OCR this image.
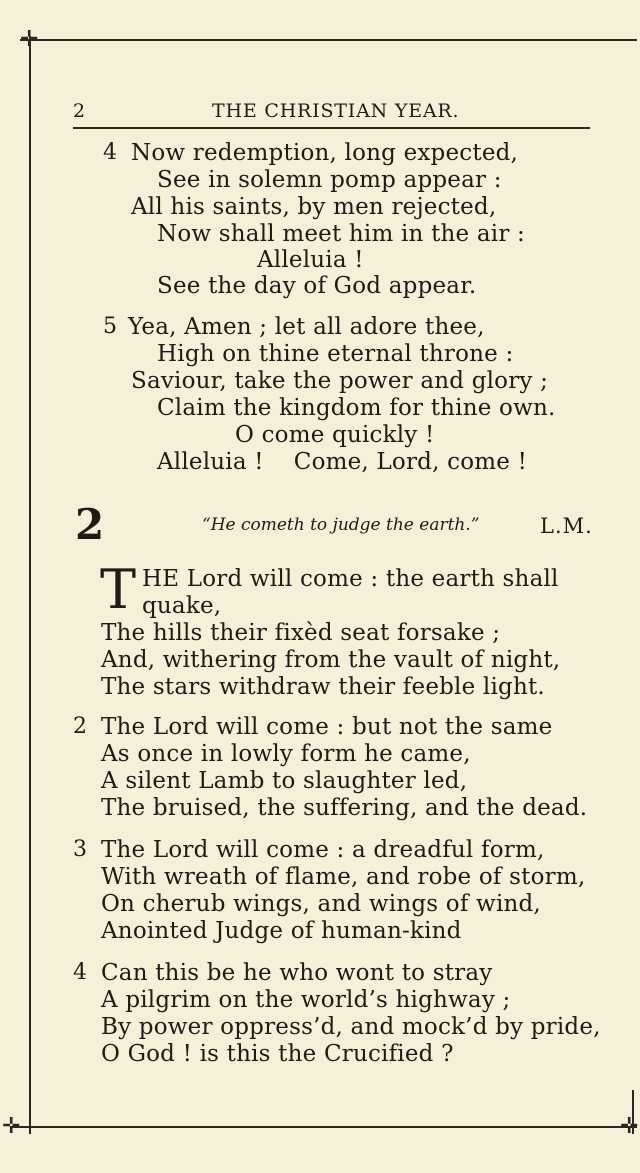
✛
✛	✛
2	THE CHRISTIAN YEAR.
4 Now redemption, long expected,
See in solemn pomp appear :
All his saints, by men rejected,
Now shall meet him in the air :
Alleluia !
See the day of God appear.
5 Yea, Amen ; let all adore thee,
High on thine eternal throne :
Saviour, take the power and glory ;
Claim the kingdom for thine own.
O come quickly !
Alleluia !    Come, Lord, come !
2	“He cometh to judge the earth.”	L.M.
T HE Lord will come : the earth shall
quake,
The hills their fixèd seat forsake ;
And, withering from the vault of night,
The stars withdraw their feeble light.
2 The Lord will come : but not the same
As once in lowly form he came,
A silent Lamb to slaughter led,
The bruised, the suffering, and the dead.
3 The Lord will come : a dreadful form,
With wreath of flame, and robe of storm,
On cherub wings, and wings of wind,
Anointed Judge of human-kind
4 Can this be he who wont to stray
A pilgrim on the world’s highway ;
By power oppress’d, and mock’d by pride,
O God ! is this the Crucified ?
